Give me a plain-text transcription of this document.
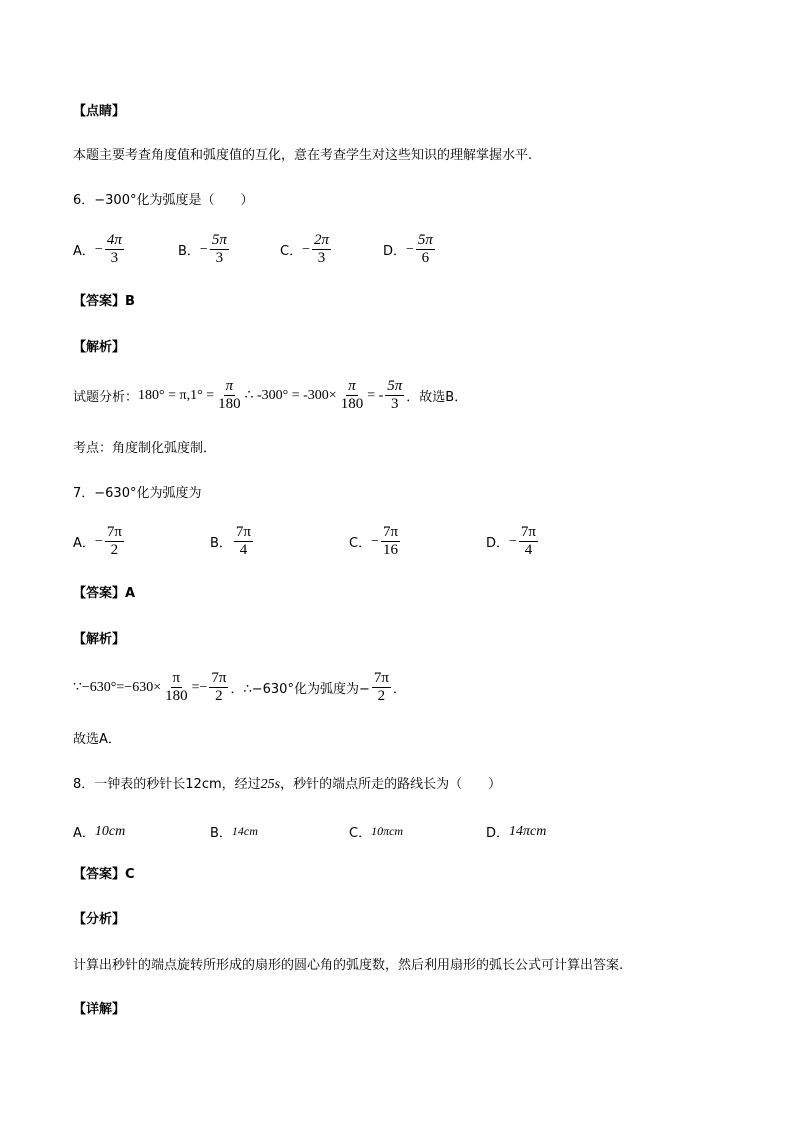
【点睛】
本题主要考查角度值和弧度值的互化，意在考查学生对这些知识的理解掌握水平.
6．−300°化为弧度是（　　）
A． − $\frac{4\pi}{3}$	B． − $\frac{5\pi}{3}$	C． − $\frac{2\pi}{3}$	D． − $\frac{5\pi}{6}$
【答案】B
【解析】
试题分析： $180^\circ = \pi,1^\circ = \frac{\pi}{180}$ ∴ $-300^\circ = -300\times \frac{\pi}{180}$ = - $\frac{5\pi}{3}$ ．故选B．
考点：角度制化弧度制．
7．−630°化为弧度为
A． − $\frac{7\pi}{2}$	B． $\frac{7\pi}{4}$	C． − $\frac{7\pi}{16}$	D． − $\frac{7\pi}{4}$
【答案】A
【解析】
∵−630°=−630× $\frac{\pi}{180} =- \frac{7\pi}{2}$ ．∴−630°化为弧度为− $\frac{7\pi}{2}$ ．
故选A．
8．一钟表的秒针长12cm，经过25s，秒针的端点所走的路线长为（　　）
A． 10cm	B． 14cm	C． 10πcm	D． 14πcm
【答案】C
【分析】
计算出秒针的端点旋转所形成的扇形的圆心角的弧度数，然后利用扇形的弧长公式可计算出答案.
【详解】
